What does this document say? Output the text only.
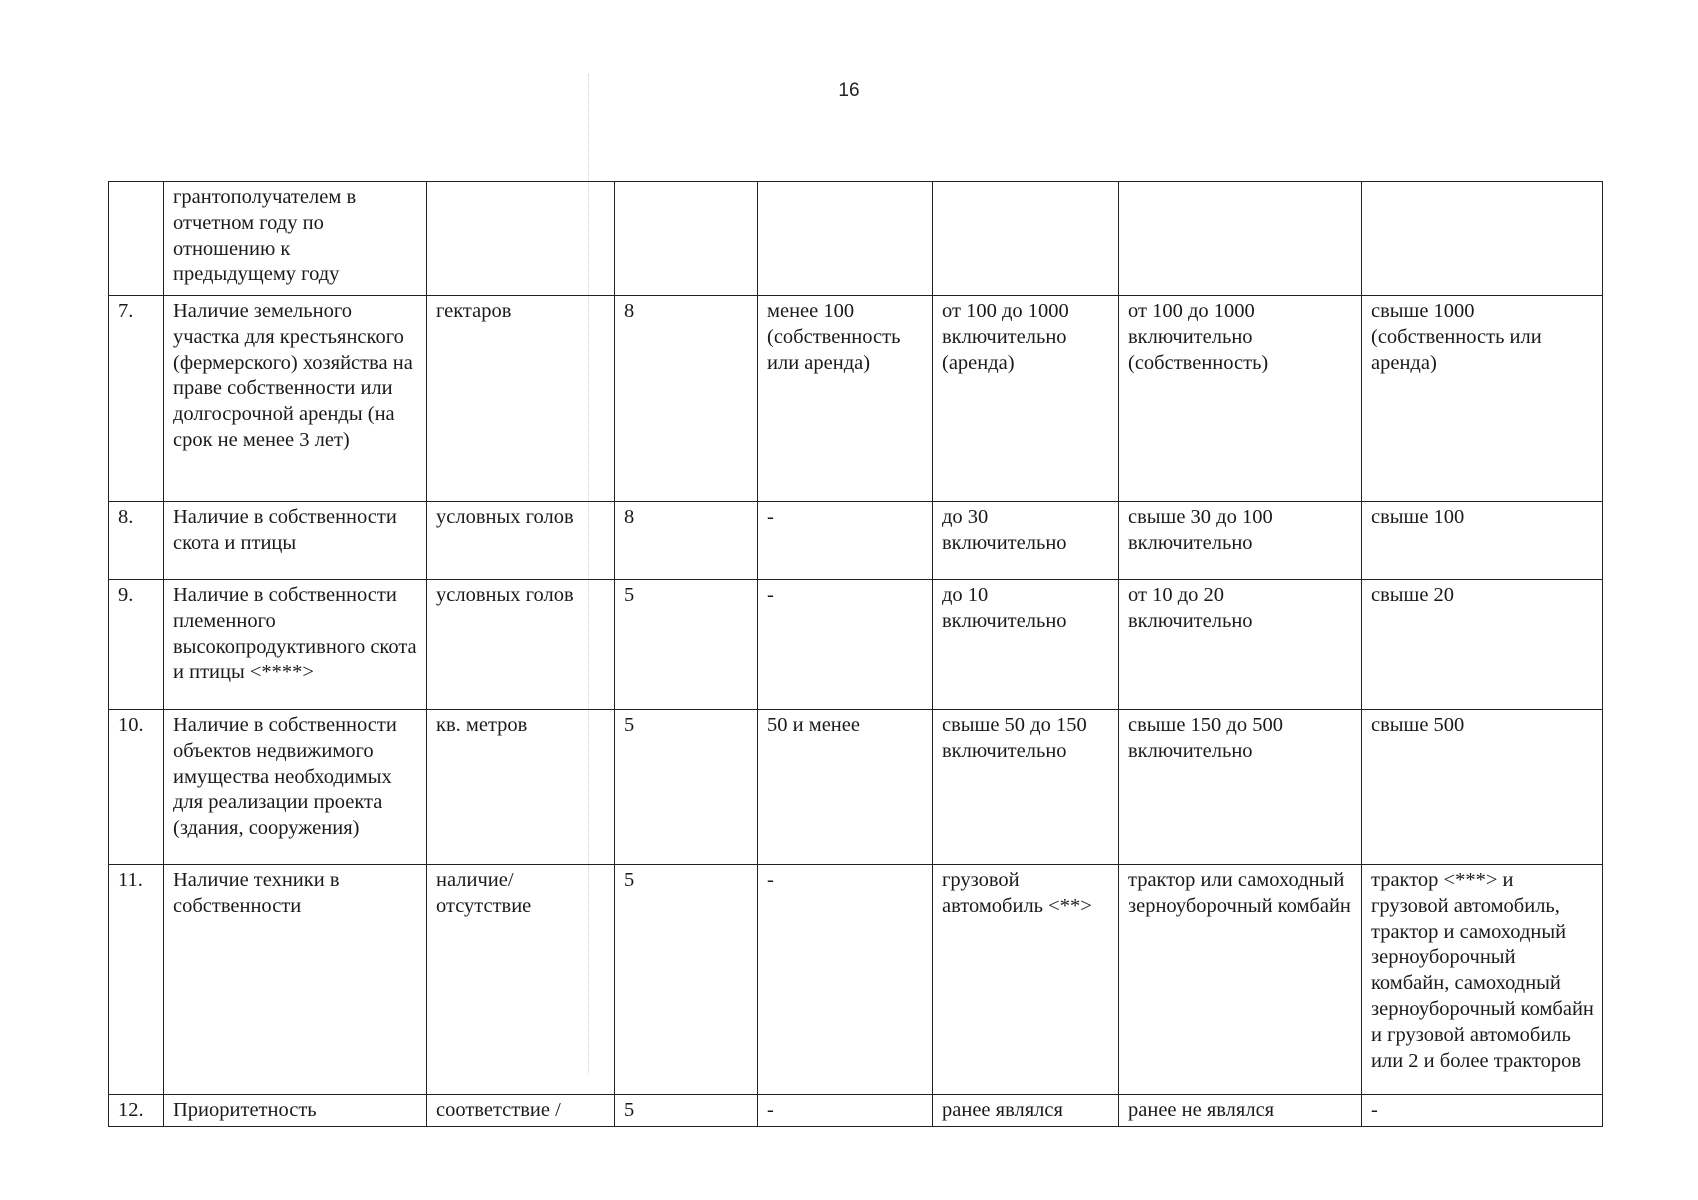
16
	грантополучателем в отчетном году по отношению к предыдущему году						
7.	Наличие земельного участка для крестьянского (фермерского) хозяйства на праве собственности или долгосрочной аренды (на срок не менее 3 лет)	гектаров	8	менее 100 (собственность или аренда)	от 100 до 1000 включительно (аренда)	от 100 до 1000 включительно (собственность)	свыше 1000 (собственность или аренда)
8.	Наличие в собственности скота и птицы	условных голов	8	-	до 30 включительно	свыше 30 до 100 включительно	свыше 100
9.	Наличие в собственности племенного высокопродуктивного скота и птицы <****>	условных голов	5	-	до 10 включительно	от 10 до 20 включительно	свыше 20
10.	Наличие в собственности объектов недвижимого имущества необходимых для реализации проекта (здания, сооружения)	кв. метров	5	50 и менее	свыше 50 до 150 включительно	свыше 150 до 500 включительно	свыше 500
11.	Наличие техники в собственности	наличие/отсутствие	5	-	грузовой автомобиль <**>	трактор или самоходный зерноуборочный комбайн	трактор <***> и грузовой автомобиль, трактор и самоходный зерноуборочный комбайн, самоходный зерноуборочный комбайн и грузовой автомобиль или 2 и более тракторов
12.	Приоритетность	соответствие /	5	-	ранее являлся	ранее не являлся	-
